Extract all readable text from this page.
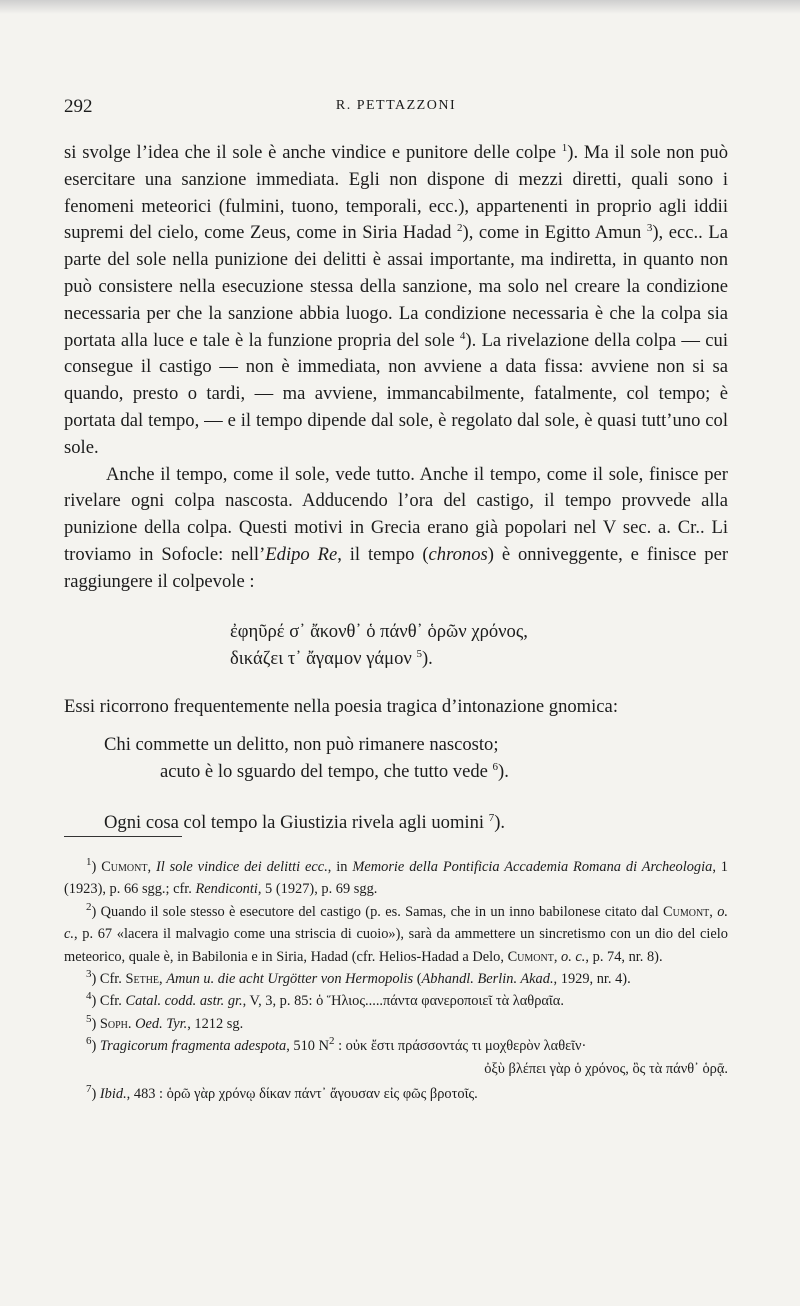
292	R. PETTAZZONI

si svolge l’idea che il sole è anche vindice e punitore delle colpe $^1$). Ma il sole non può esercitare una sanzione immediata. Egli non dispone di mezzi diretti, quali sono i fenomeni meteorici (fulmini, tuono, temporali, ecc.), appartenenti in proprio agli iddii supremi del cielo, come Zeus, come in Siria Hadad $^2$), come in Egitto Amun $^3$), ecc.. La parte del sole nella punizione dei delitti è assai importante, ma indiretta, in quanto non può consistere nella esecuzione stessa della sanzione, ma solo nel creare la condizione necessaria per che la sanzione abbia luogo. La condizione necessaria è che la colpa sia portata alla luce e tale è la funzione propria del sole $^4$). La rivelazione della colpa — cui consegue il castigo — non è immediata, non avviene a data fissa: avviene non si sa quando, presto o tardi, — ma avviene, immancabilmente, fatalmente, col tempo; è portata dal tempo, — e il tempo dipende dal sole, è regolato dal sole, è quasi tutt’uno col sole.

Anche il tempo, come il sole, vede tutto. Anche il tempo, come il sole, finisce per rivelare ogni colpa nascosta. Adducendo l’ora del castigo, il tempo provvede alla punizione della colpa. Questi motivi in Grecia erano già popolari nel V sec. a. Cr.. Li troviamo in Sofocle: nell’Edipo Re, il tempo (chronos) è onniveggente, e finisce per raggiungere il colpevole :

ἐφηῦρέ σ᾽ ἄκονθ᾽ ὁ πάνθ᾽ ὁρῶν χρόνος,
δικάζει τ᾽ ἄγαμον γάμον $^5$).

Essi ricorrono frequentemente nella poesia tragica d’intonazione gnomica:

Chi commette un delitto, non può rimanere nascosto;
acuto è lo sguardo del tempo, che tutto vede $^6$).
Ogni cosa col tempo la Giustizia rivela agli uomini $^7$).

$^1$) Cumont, Il sole vindice dei delitti ecc., in Memorie della Pontificia Accademia Romana di Archeologia, 1 (1923), p. 66 sgg.; cfr. Rendiconti, 5 (1927), p. 69 sgg.

$^2$) Quando il sole stesso è esecutore del castigo (p. es. Samas, che in un inno babilonese citato dal Cumont, o. c., p. 67 «lacera il malvagio come una striscia di cuoio»), sarà da ammettere un sincretismo con un dio del cielo meteorico, quale è, in Babilonia e in Siria, Hadad (cfr. Helios-Hadad a Delo, Cumont, o. c., p. 74, nr. 8).

$^3$) Cfr. Sethe, Amun u. die acht Urgötter von Hermopolis (Abhandl. Berlin. Akad., 1929, nr. 4).

$^4$) Cfr. Catal. codd. astr. gr., V, 3, p. 85: ὁ Ἥλιος.....πάντα φανεροποιεῖ τὰ λαθραῖα.

$^5$) Soph. Oed. Tyr., 1212 sg.

$^6$) Tragicorum fragmenta adespota, 510 $N^2$ : οὐκ ἔστι πράσσοντάς τι μοχθερὸν λαθεῖν·

ὀξὺ βλέπει γὰρ ὁ χρόνος, ὃς τὰ πάνθ᾽ ὁρᾷ.

$^7$) Ibid., 483 : ὁρῶ γὰρ χρόνῳ δίκαν πάντ᾽ ἄγουσαν εἰς φῶς βροτοῖς.
